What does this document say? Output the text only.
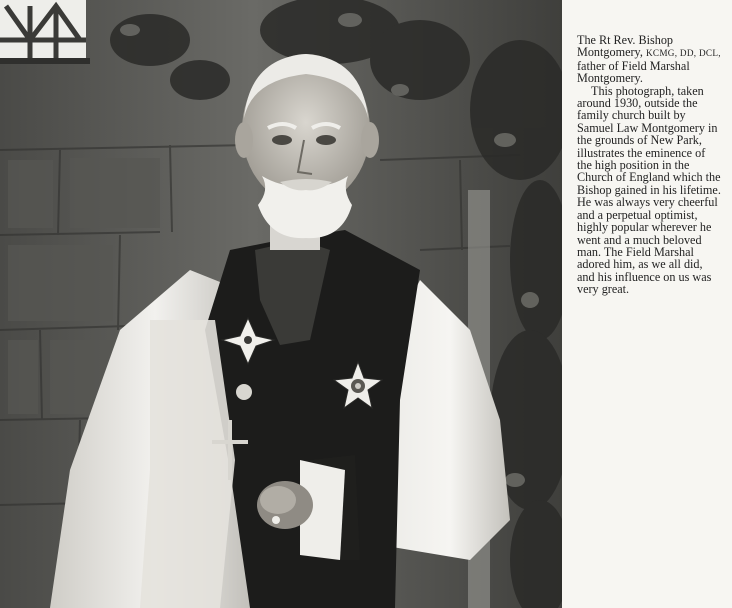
The Rt Rev. Bishop
Montgomery, KCMG, DD, DCL,
father of Field Marshal
Montgomery.
This photograph, taken
around 1930, outside the
family church built by
Samuel Law Montgomery in
the grounds of New Park,
illustrates the eminence of
the high position in the
Church of England which the
Bishop gained in his lifetime.
He was always very cheerful
and a perpetual optimist,
highly popular wherever he
went and a much beloved
man. The Field Marshal
adored him, as we all did,
and his influence on us was
very great.
